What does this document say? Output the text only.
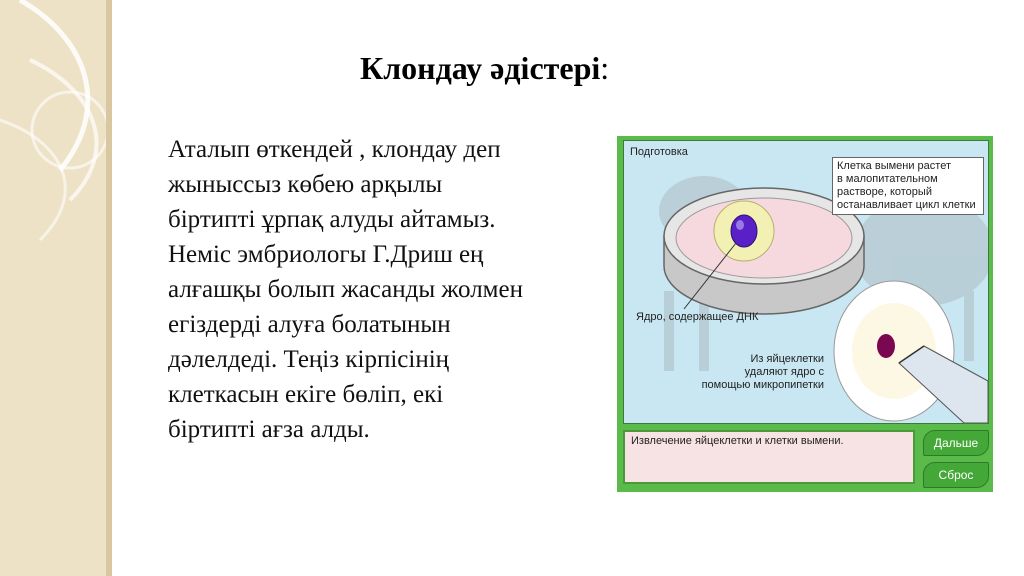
Клондау әдістері:
Аталып өткендей , клондау деп
жыныссыз көбею арқылы
біртипті ұрпақ алуды айтамыз.
Неміс эмбриологы Г.Дриш ең
алғашқы болып жасанды жолмен
егіздерді алуға болатынын
дәлелдеді. Теңіз кірпісінің
клеткасын екіге бөліп, екі
біртипті ағза алды.
Подготовка
Клетка вымени растет
в малопитательном
растворе, который
останавливает цикл клетки
Ядро, содержащее ДНК
Из яйцеклетки
удаляют ядро с
помощью микропипетки
Извлечение яйцеклетки и клетки вымени.	Дальше
Сброс
